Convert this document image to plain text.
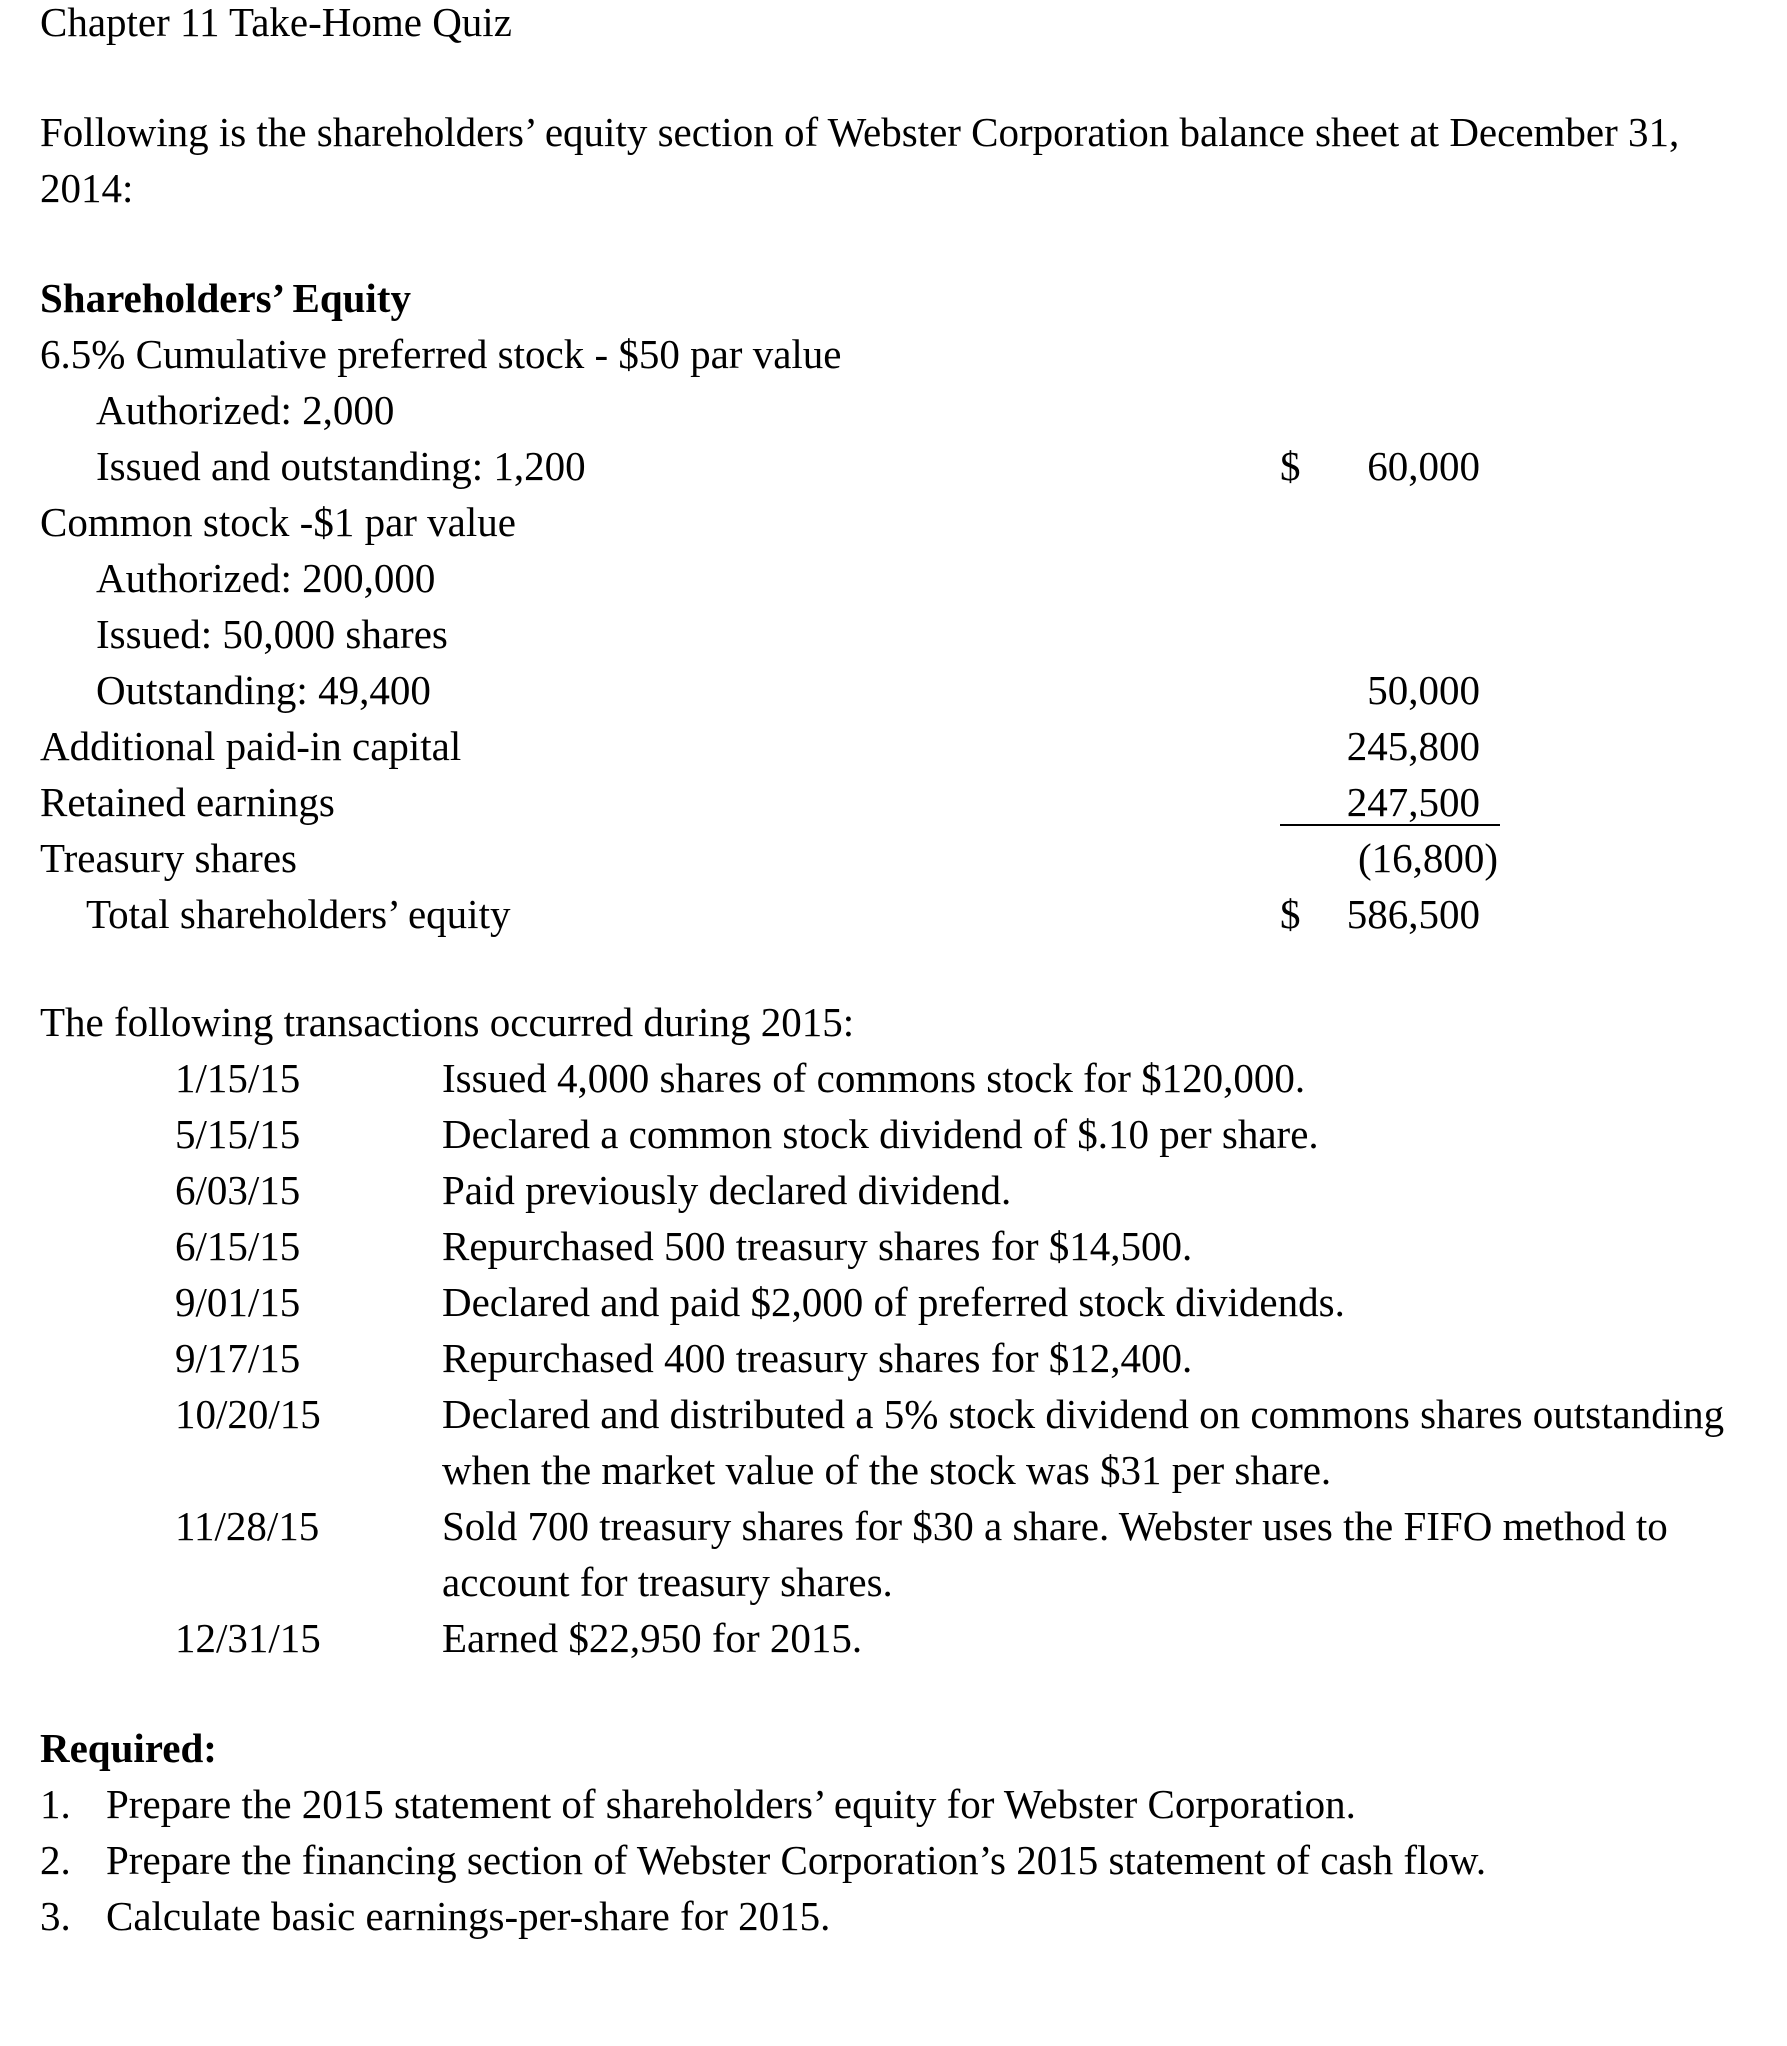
Chapter 11 Take-Home Quiz
Following is the shareholders’ equity section of Webster Corporation balance sheet at December 31, 2014:
Shareholders’ Equity
6.5% Cumulative preferred stock - $50 par value
Authorized: 2,000
Issued and outstanding: 1,200	$ 60,000
Common stock -$1 par value
Authorized: 200,000
Issued: 50,000 shares
Outstanding: 49,400	50,000
Additional paid-in capital	245,800
Retained earnings	247,500
Treasury shares	(16,800)
Total shareholders’ equity	$ 586,500
The following transactions occurred during 2015:
1/15/15	Issued 4,000 shares of commons stock for $120,000.
5/15/15	Declared a common stock dividend of $.10 per share.
6/03/15	Paid previously declared dividend.
6/15/15	Repurchased 500 treasury shares for $14,500.
9/01/15	Declared and paid $2,000 of preferred stock dividends.
9/17/15	Repurchased 400 treasury shares for $12,400.
10/20/15	Declared and distributed a 5% stock dividend on commons shares outstanding when the market value of the stock was $31 per share.
11/28/15	Sold 700 treasury shares for $30 a share. Webster uses the FIFO method to account for treasury shares.
12/31/15	Earned $22,950 for 2015.
Required:
1. Prepare the 2015 statement of shareholders’ equity for Webster Corporation.
2. Prepare the financing section of Webster Corporation’s 2015 statement of cash flow.
3. Calculate basic earnings-per-share for 2015.
